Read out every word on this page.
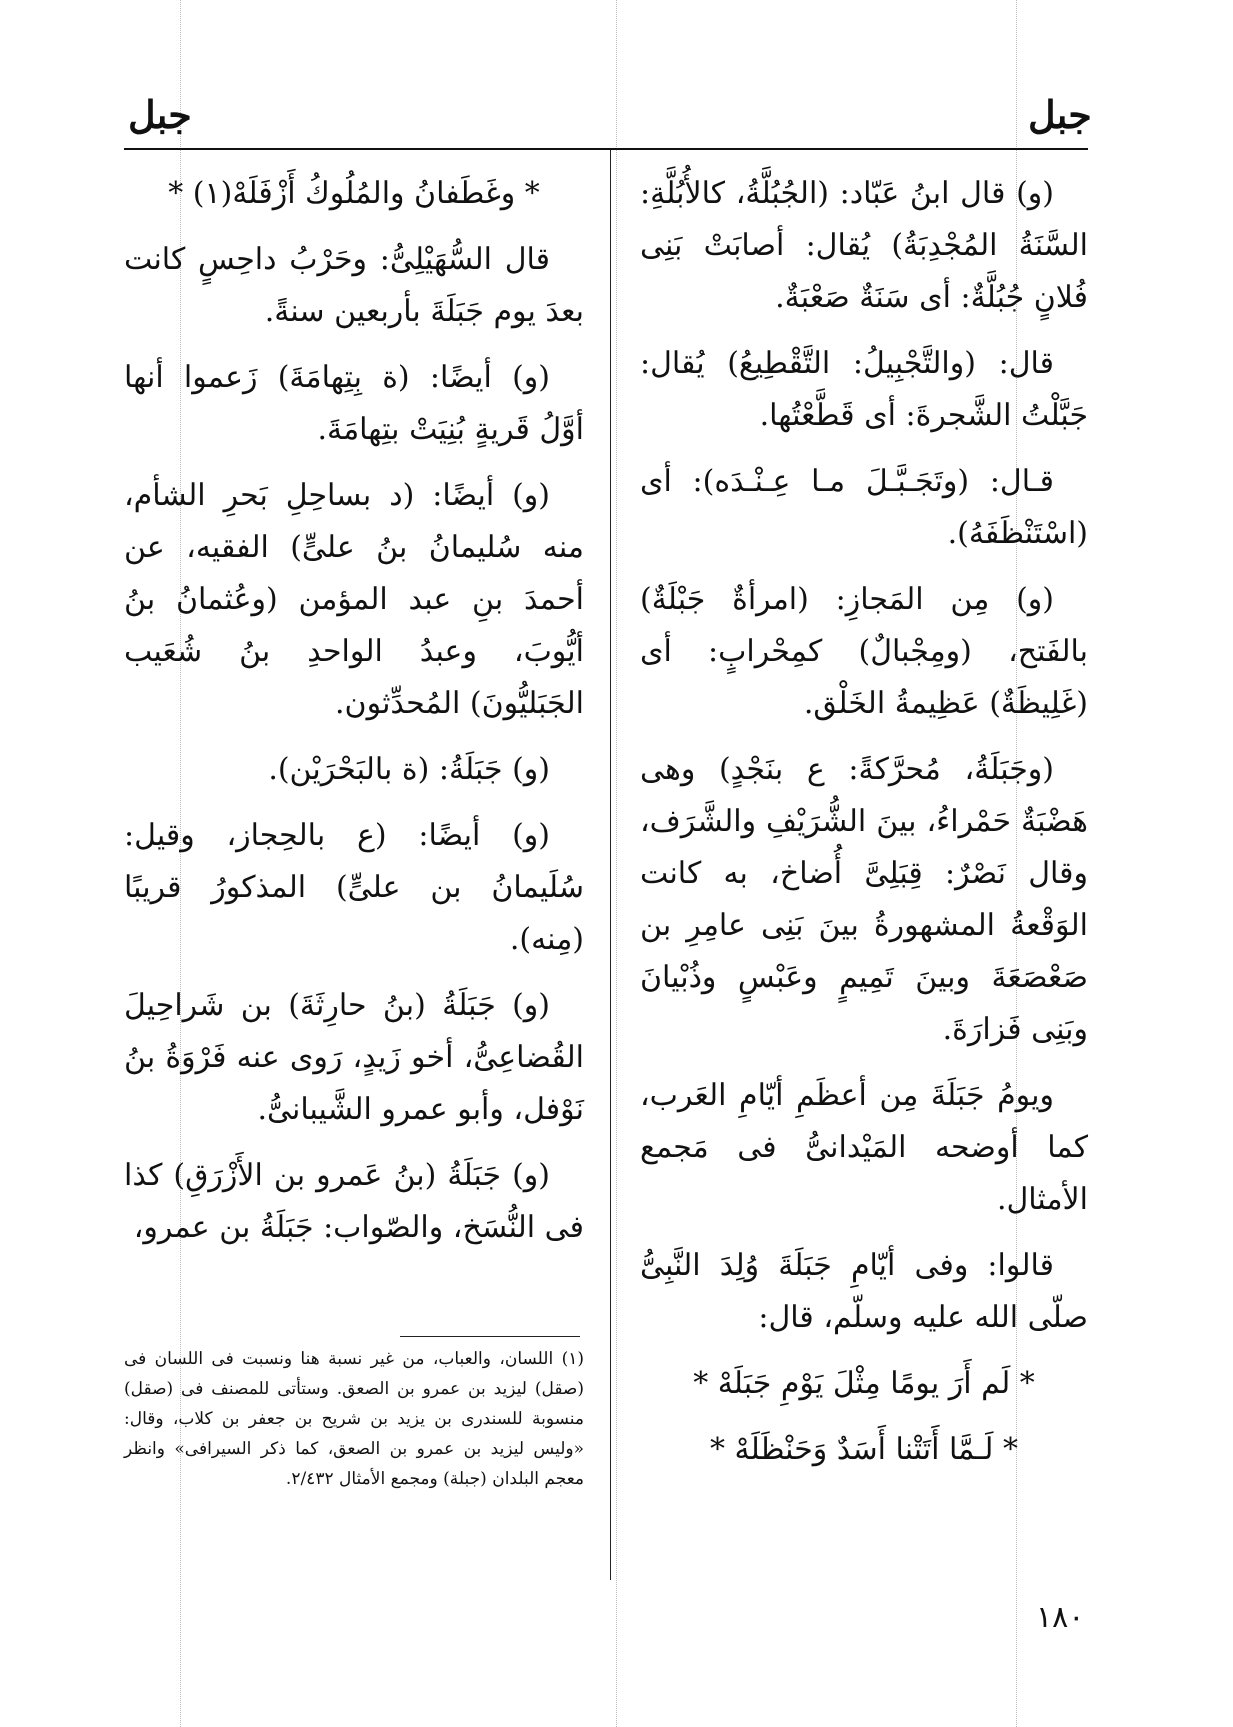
جبل
جبل

(و) قال ابنُ عَبّاد: (الجُبُلَّةُ، كالأُبُلَّةِ: السَّنَةُ المُجْدِبَةُ) يُقال: أصابَتْ بَنِى فُلانٍ جُبُلَّةٌ: أى سَنَةٌ صَعْبَةٌ.

قال: (والتَّجْبِيلُ: التَّقْطِيعُ) يُقال: جَبَّلْتُ الشَّجرةَ: أى قَطَّعْتُها.

قـال: (وتَجَـبَّـلَ مـا عِـنْـدَه): أى (اسْتَنْظَفَهُ).

(و) مِن المَجازِ: (امرأةٌ جَبْلَةٌ) بالفَتح، (ومِجْبالٌ) كمِحْرابٍ: أى (غَلِيظَةٌ) عَظِيمةُ الخَلْق.

(وجَبَلَةُ، مُحرَّكةً: ع بنَجْدٍ) وهى هَضْبَةٌ حَمْراءُ، بينَ الشُّرَيْفِ والشَّرَف، وقال نَصْرٌ: قِبَلِىَّ أُضاخ، به كانت الوَقْعةُ المشهورةُ بينَ بَنِى عامِرِ بن صَعْصَعَةَ وبينَ تَمِيمٍ وعَبْسٍ وذُبْيانَ وبَنِى فَزارَةَ.

ويومُ جَبَلَةَ مِن أعظَمِ أيّامِ العَرب، كما أوضحه المَيْدانىُّ فى مَجمع الأمثال.

قالوا: وفى أيّامِ جَبَلَةَ وُلِدَ النَّبِىُّ صلّى الله عليه وسلّم، قال:

* لَم أَرَ يومًا مِثْلَ يَوْمِ جَبَلَهْ *

* لَـمَّا أَتَتْنا أَسَدٌ وَحَنْظَلَهْ *

* وغَطَفانُ والمُلُوكُ أَزْفَلَهْ(١) *

قال السُّهَيْلِىُّ: وحَرْبُ داحِسٍ كانت بعدَ يوم جَبَلَةَ بأربعين سنةً.

(و) أيضًا: (ة بِتِهامَةَ) زَعموا أنها أوَّلُ قَريةٍ بُنِيَتْ بتِهامَةَ.

(و) أيضًا: (د بساحِلِ بَحرِ الشأم، منه سُليمانُ بنُ علىٍّ) الفقيه، عن أحمدَ بنِ عبد المؤمن (وعُثمانُ بنُ أيُّوبَ، وعبدُ الواحدِ بنُ شُعَيب الجَبَليُّونَ) المُحدِّثون.

(و) جَبَلَةُ: (ة بالبَحْرَيْن).

(و) أيضًا: (ع بالحِجاز، وقيل: سُلَيمانُ بن علىٍّ) المذكورُ قريبًا (مِنه).

(و) جَبَلَةُ (بنُ حارِثَةَ) بن شَراحِيلَ القُضاعِىُّ، أخو زَيدٍ، رَوى عنه فَرْوَةُ بنُ نَوْفل، وأبو عمرو الشَّيبانىُّ.

(و) جَبَلَةُ (بنُ عَمرو بن الأَزْرَقِ) كذا فى النُّسَخ، والصّواب: جَبَلَةُ بن عمرو،

(١) اللسان، والعباب، من غير نسبة هنا ونسبت فى اللسان فى (صقل) ليزيد بن عمرو بن الصعق. وستأتى للمصنف فى (صقل) منسوبة للسندرى بن يزيد بن شريح بن جعفر بن كلاب، وقال: «وليس ليزيد بن عمرو بن الصعق، كما ذكر السيرافى» وانظر معجم البلدان (جبلة) ومجمع الأمثال ٢/٤٣٢.
١٨٠
